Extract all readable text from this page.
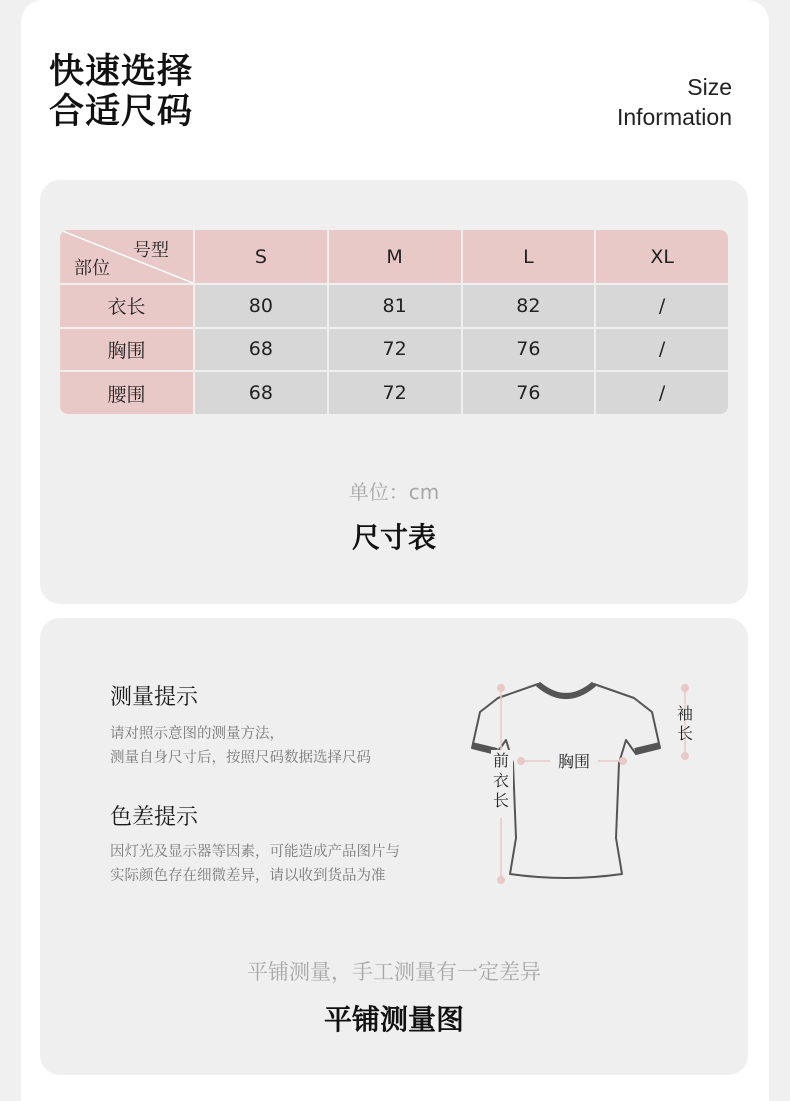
快速选择
合适尺码
Size
Information
号型
部位
S	M	L	XL
衣长	80	81	82	/
胸围	68	72	76	/
腰围	68	72	76	/
单位：cm
尺寸表
测量提示
请对照示意图的测量方法，
测量自身尺寸后，按照尺码数据选择尺码
色差提示
因灯光及显示器等因素，可能造成产品图片与
实际颜色存在细微差异，请以收到货品为准
前衣长
胸围
袖长
平铺测量，手工测量有一定差异
平铺测量图
